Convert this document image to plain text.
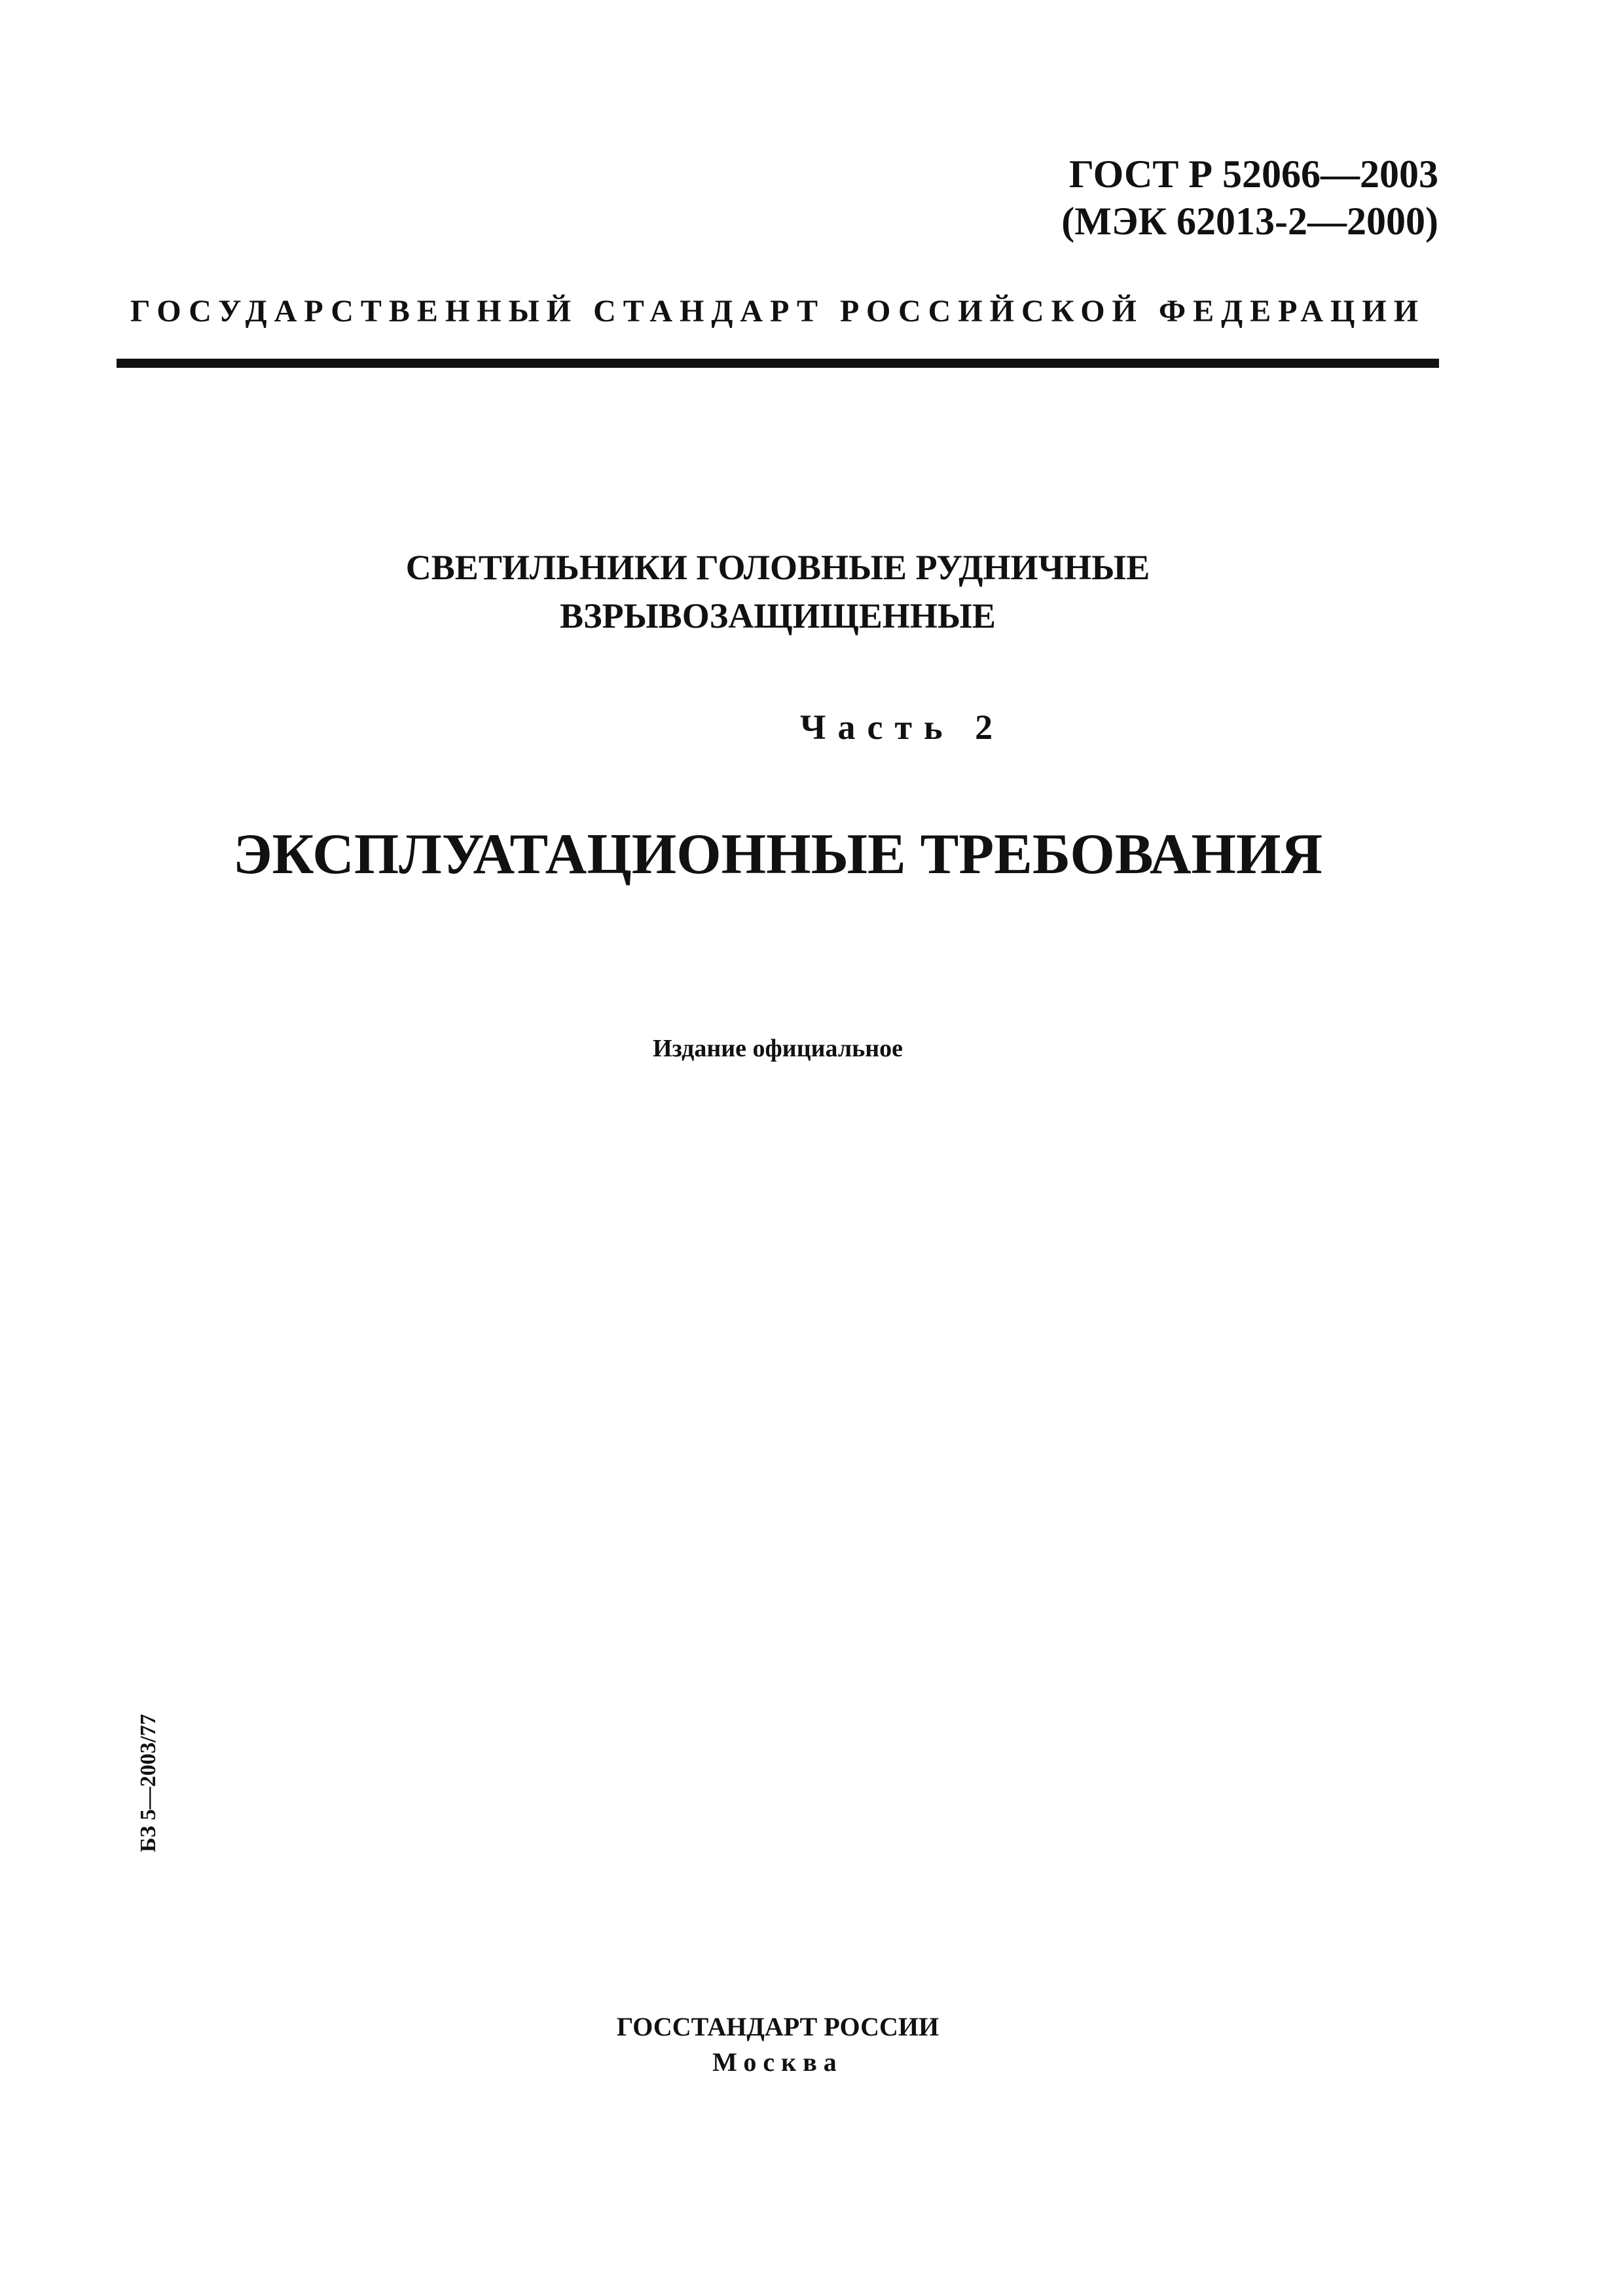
ГОСТ Р 52066—2003
(МЭК 62013-2—2000)
ГОСУДАРСТВЕННЫЙ СТАНДАРТ РОССИЙСКОЙ ФЕДЕРАЦИИ
СВЕТИЛЬНИКИ ГОЛОВНЫЕ РУДНИЧНЫЕ
ВЗРЫВОЗАЩИЩЕННЫЕ
Часть 2
ЭКСПЛУАТАЦИОННЫЕ ТРЕБОВАНИЯ
Издание официальное
БЗ 5—2003/77
ГОССТАНДАРТ РОССИИ
Москва
